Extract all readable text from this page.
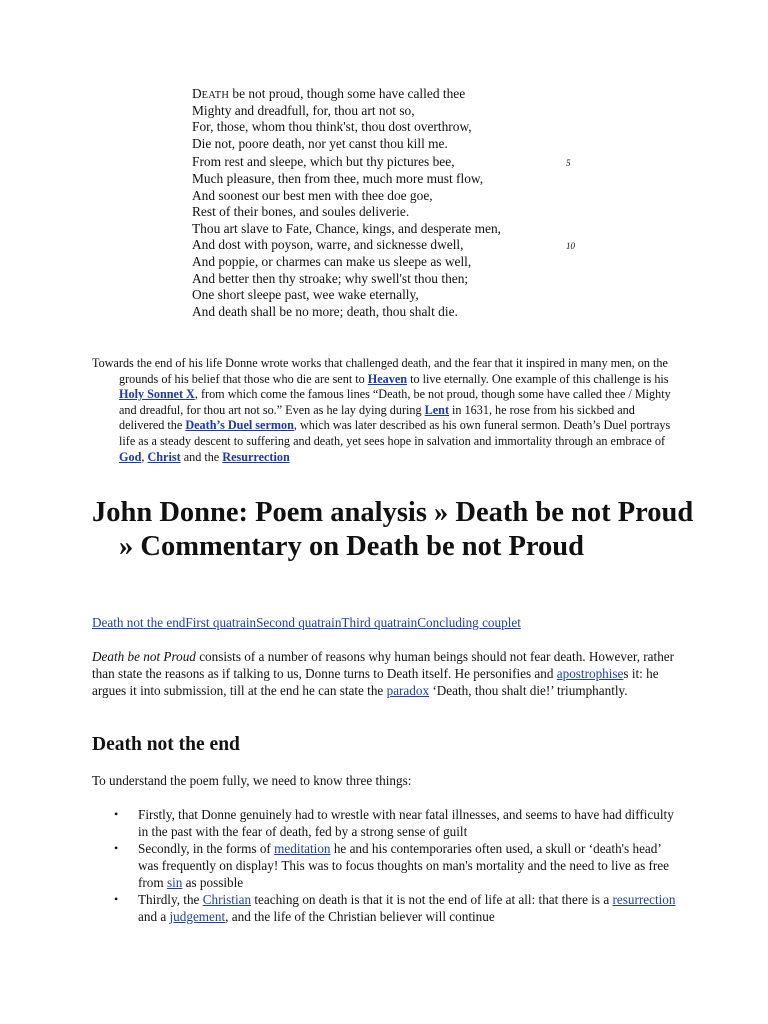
DEATH be not proud, though some have called thee
Mighty and dreadfull, for, thou art not so,
For, those, whom thou think'st, thou dost overthrow,
Die not, poore death, nor yet canst thou kill me.
From rest and sleepe, which but thy pictures bee,	5
Much pleasure, then from thee, much more must flow,
And soonest our best men with thee doe goe,
Rest of their bones, and soules deliverie.
Thou art slave to Fate, Chance, kings, and desperate men,
And dost with poyson, warre, and sicknesse dwell,	10
And poppie, or charmes can make us sleepe as well,
And better then thy stroake; why swell'st thou then;
One short sleepe past, wee wake eternally,
And death shall be no more; death, thou shalt die.

Towards the end of his life Donne wrote works that challenged death, and the fear that it inspired in many men, on the grounds of his belief that those who die are sent to Heaven to live eternally. One example of this challenge is his Holy Sonnet X, from which come the famous lines “Death, be not proud, though some have called thee / Mighty and dreadful, for thou art not so.” Even as he lay dying during Lent in 1631, he rose from his sickbed and delivered the Death’s Duel sermon, which was later described as his own funeral sermon. Death’s Duel portrays life as a steady descent to suffering and death, yet sees hope in salvation and immortality through an embrace of God, Christ and the Resurrection

John Donne: Poem analysis » Death be not Proud » Commentary on Death be not Proud
Death not the endFirst quatrainSecond quatrainThird quatrainConcluding couplet

Death be not Proud consists of a number of reasons why human beings should not fear death. However, rather than state the reasons as if talking to us, Donne turns to Death itself. He personifies and apostrophises it: he argues it into submission, till at the end he can state the paradox ‘Death, thou shalt die!’ triumphantly.

Death not the end
To understand the poem fully, we need to know three things:
• Firstly, that Donne genuinely had to wrestle with near fatal illnesses, and seems to have had difficulty in the past with the fear of death, fed by a strong sense of guilt
• Secondly, in the forms of meditation he and his contemporaries often used, a skull or ‘death's head’ was frequently on display! This was to focus thoughts on man's mortality and the need to live as free from sin as possible
• Thirdly, the Christian teaching on death is that it is not the end of life at all: that there is a resurrection and a judgement, and the life of the Christian believer will continue
